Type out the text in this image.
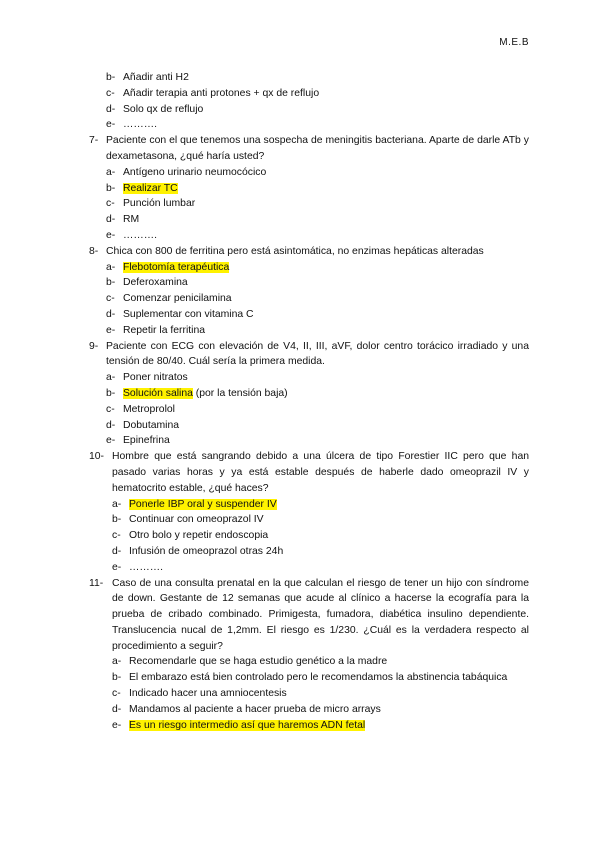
M.E.B
b- Añadir anti H2
c- Añadir terapia anti protones + qx de reflujo
d- Solo qx de reflujo
e- ……….
7- Paciente con el que tenemos una sospecha de meningitis bacteriana. Aparte de darle ATb y dexametasona, ¿qué haría usted?
a- Antígeno urinario neumocócico
b- Realizar TC
c- Punción lumbar
d- RM
e- ……….
8- Chica con 800 de ferritina pero está asintomática, no enzimas hepáticas alteradas
a- Flebotomía terapéutica
b- Deferoxamina
c- Comenzar penicilamina
d- Suplementar con vitamina C
e- Repetir la ferritina
9- Paciente con ECG con elevación de V4, II, III, aVF, dolor centro torácico irradiado y una tensión de 80/40. Cuál sería la primera medida.
a- Poner nitratos
b- Solución salina (por la tensión baja)
c- Metroprolol
d- Dobutamina
e- Epinefrina
10- Hombre que está sangrando debido a una úlcera de tipo Forestier IIC pero que han pasado varias horas y ya está estable después de haberle dado omeoprazil IV y hematocrito estable, ¿qué haces?
a- Ponerle IBP oral y suspender IV
b- Continuar con omeoprazol IV
c- Otro bolo y repetir endoscopia
d- Infusión de omeoprazol otras 24h
e- ……….
11- Caso de una consulta prenatal en la que calculan el riesgo de tener un hijo con síndrome de down. Gestante de 12 semanas que acude al clínico a hacerse la ecografía para la prueba de cribado combinado. Primigesta, fumadora, diabética insulino dependiente. Translucencia nucal de 1,2mm. El riesgo es 1/230. ¿Cuál es la verdadera respecto al procedimiento a seguir?
a- Recomendarle que se haga estudio genético a la madre
b- El embarazo está bien controlado pero le recomendamos la abstinencia tabáquica
c- Indicado hacer una amniocentesis
d- Mandamos al paciente a hacer prueba de micro arrays
e- Es un riesgo intermedio así que haremos ADN fetal
